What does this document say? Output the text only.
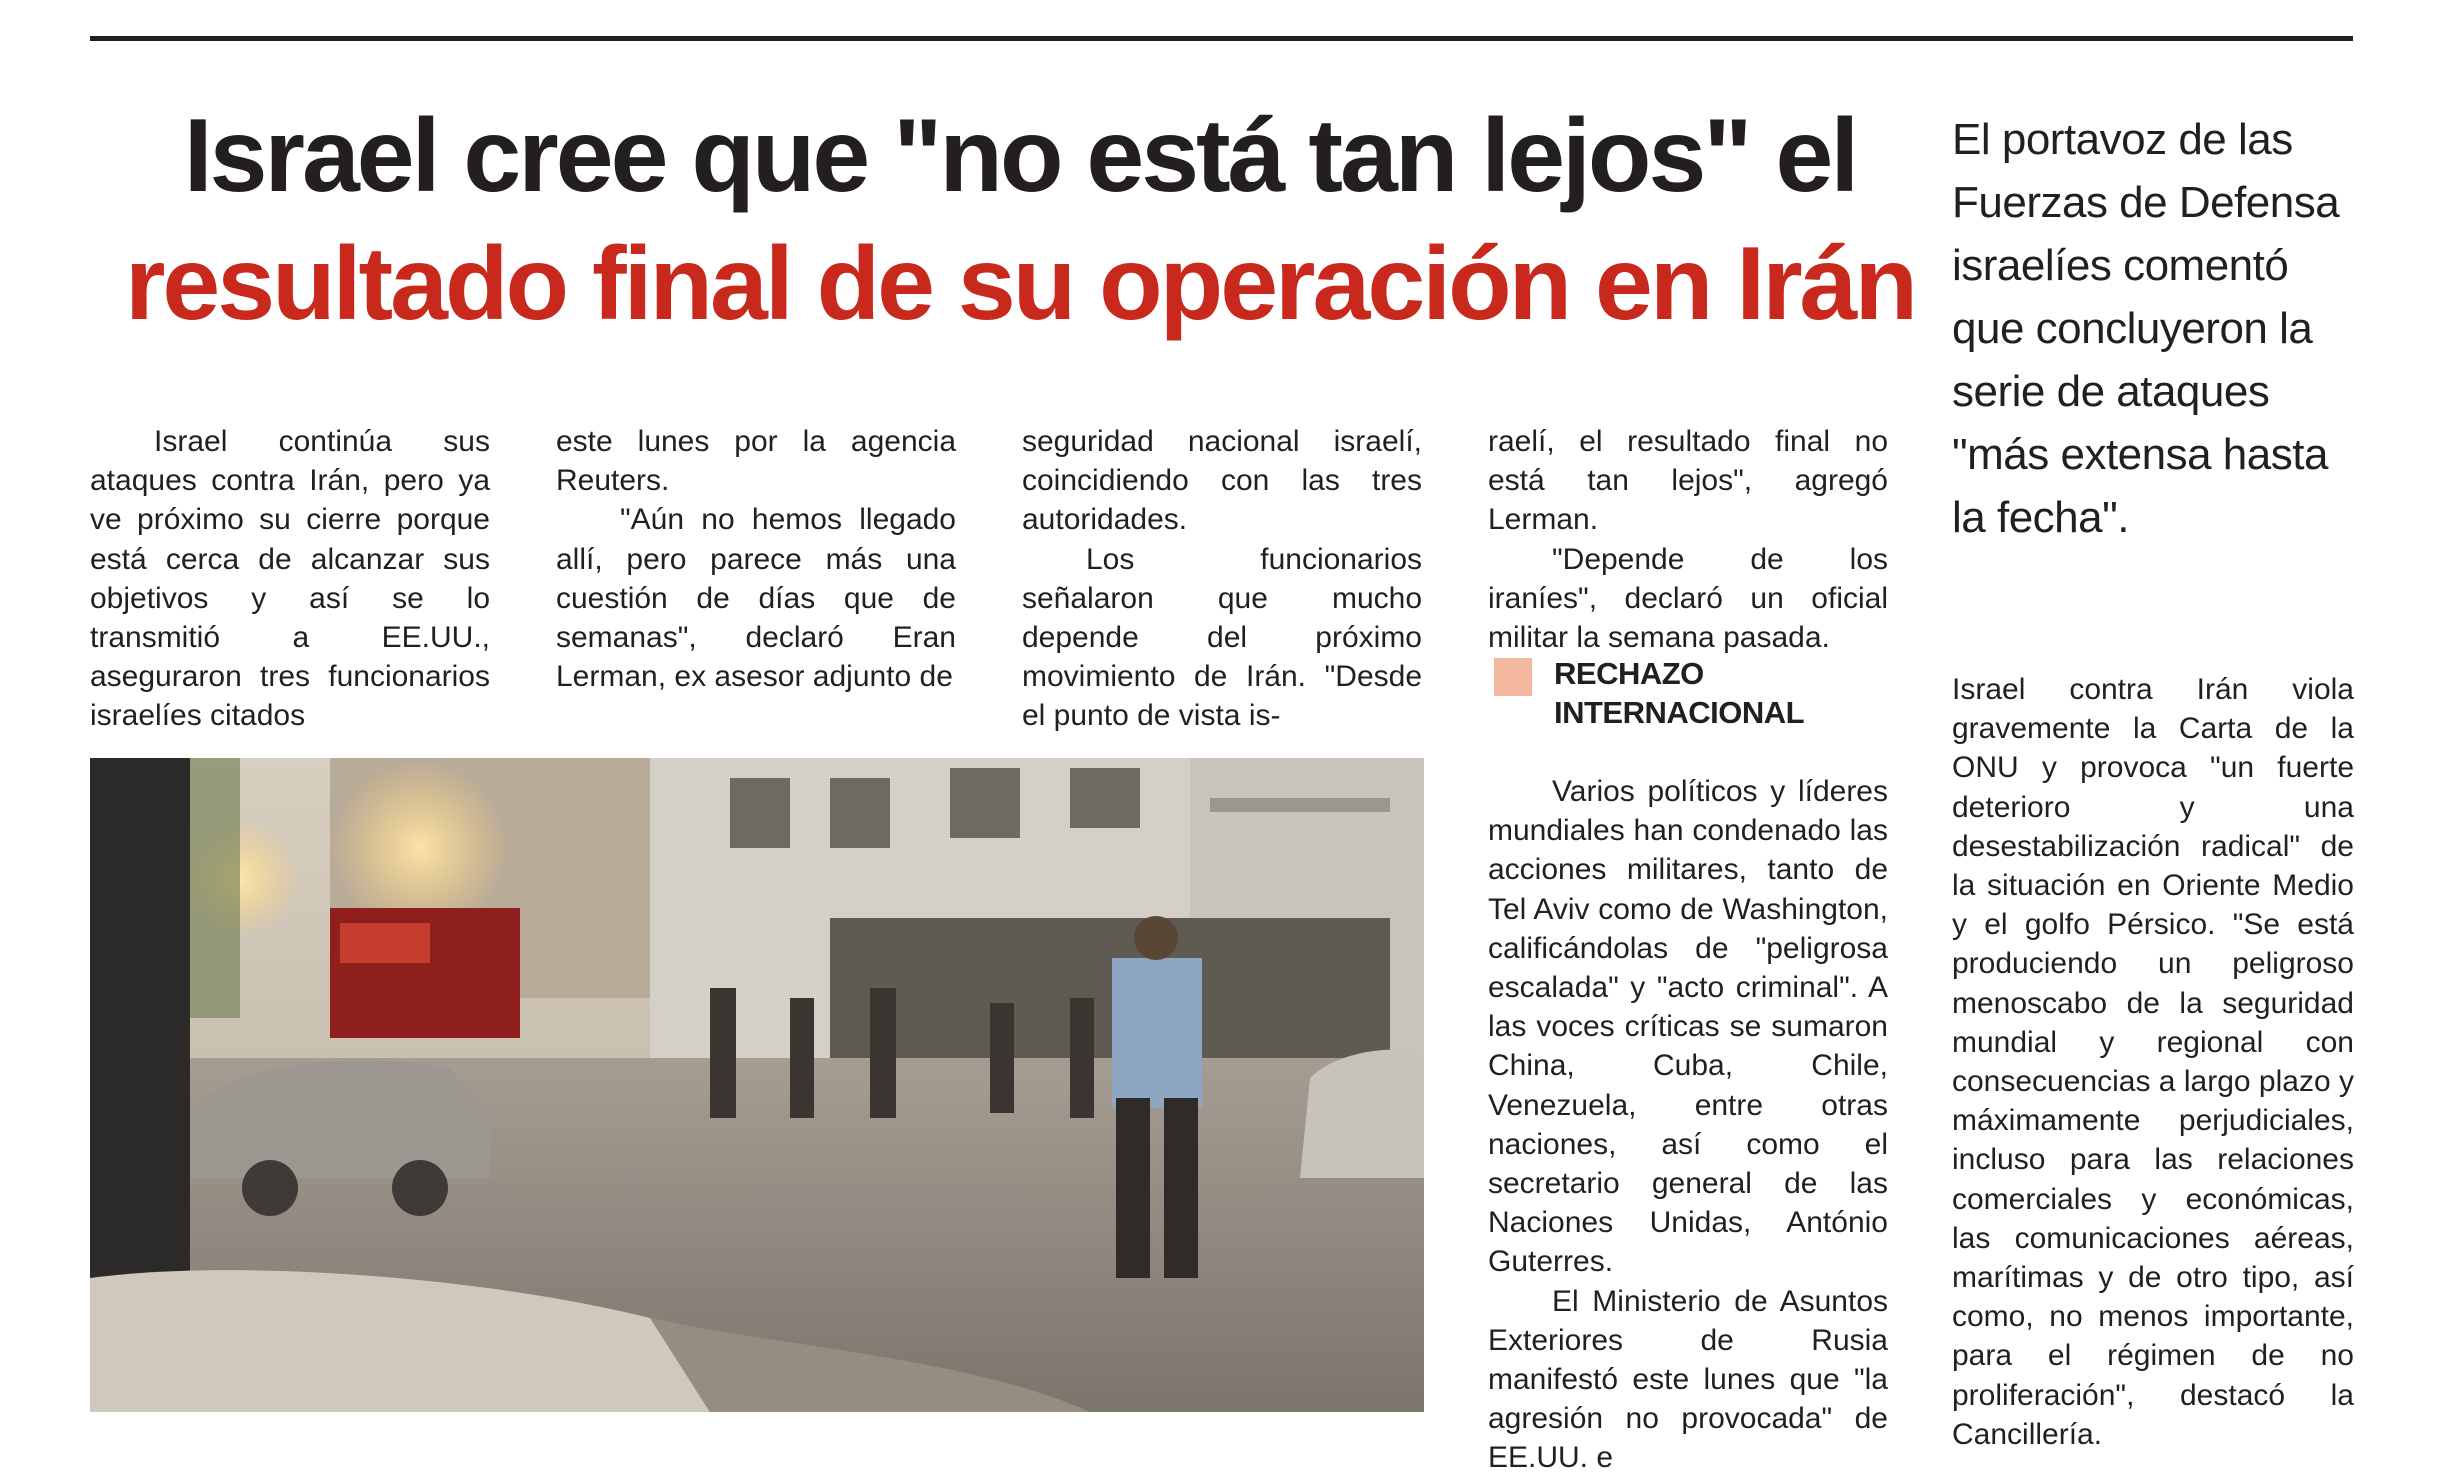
Israel cree que "no está tan lejos" el
resultado final de su operación en Irán

El portavoz de las Fuerzas de Defensa israelíes comentó que concluyeron la serie de ataques "más extensa hasta la fecha".

Israel continúa sus ataques contra Irán, pero ya ve próximo su cierre porque está cerca de alcanzar sus objetivos y así se lo transmitió a EE.UU., aseguraron tres funcionarios israelíes citados

este lunes por la agencia Reuters.

"Aún no hemos llegado allí, pero parece más una cuestión de días que de semanas", declaró Eran Lerman, ex asesor adjunto de

seguridad nacional israelí, coincidiendo con las tres autoridades.

Los funcionarios señalaron que mucho depende del próximo movimiento de Irán. "Desde el punto de vista is-

raelí, el resultado final no está tan lejos", agregó Lerman.

"Depende de los iraníes", declaró un oficial militar la semana pasada.

RECHAZO
INTERNACIONAL

Varios políticos y líderes mundiales han condenado las acciones militares, tanto de Tel Aviv como de Washington, calificándolas de "peligrosa escalada" y "acto criminal". A las voces críticas se sumaron China, Cuba, Chile, Venezuela, entre otras naciones, así como el secretario general de las Naciones Unidas, António Guterres.

El Ministerio de Asuntos Exteriores de Rusia manifestó este lunes que "la agresión no provocada" de EE.UU. e

Israel contra Irán viola gravemente la Carta de la ONU y provoca "un fuerte deterioro y una desestabilización radical" de la situación en Oriente Medio y el golfo Pérsico. "Se está produciendo un peligroso menoscabo de la seguridad mundial y regional con consecuencias a largo plazo y máximamente perjudiciales, incluso para las relaciones comerciales y económicas, las comunicaciones aéreas, marítimas y de otro tipo, así como, no menos importante, para el régimen de no proliferación", destacó la Cancillería.
